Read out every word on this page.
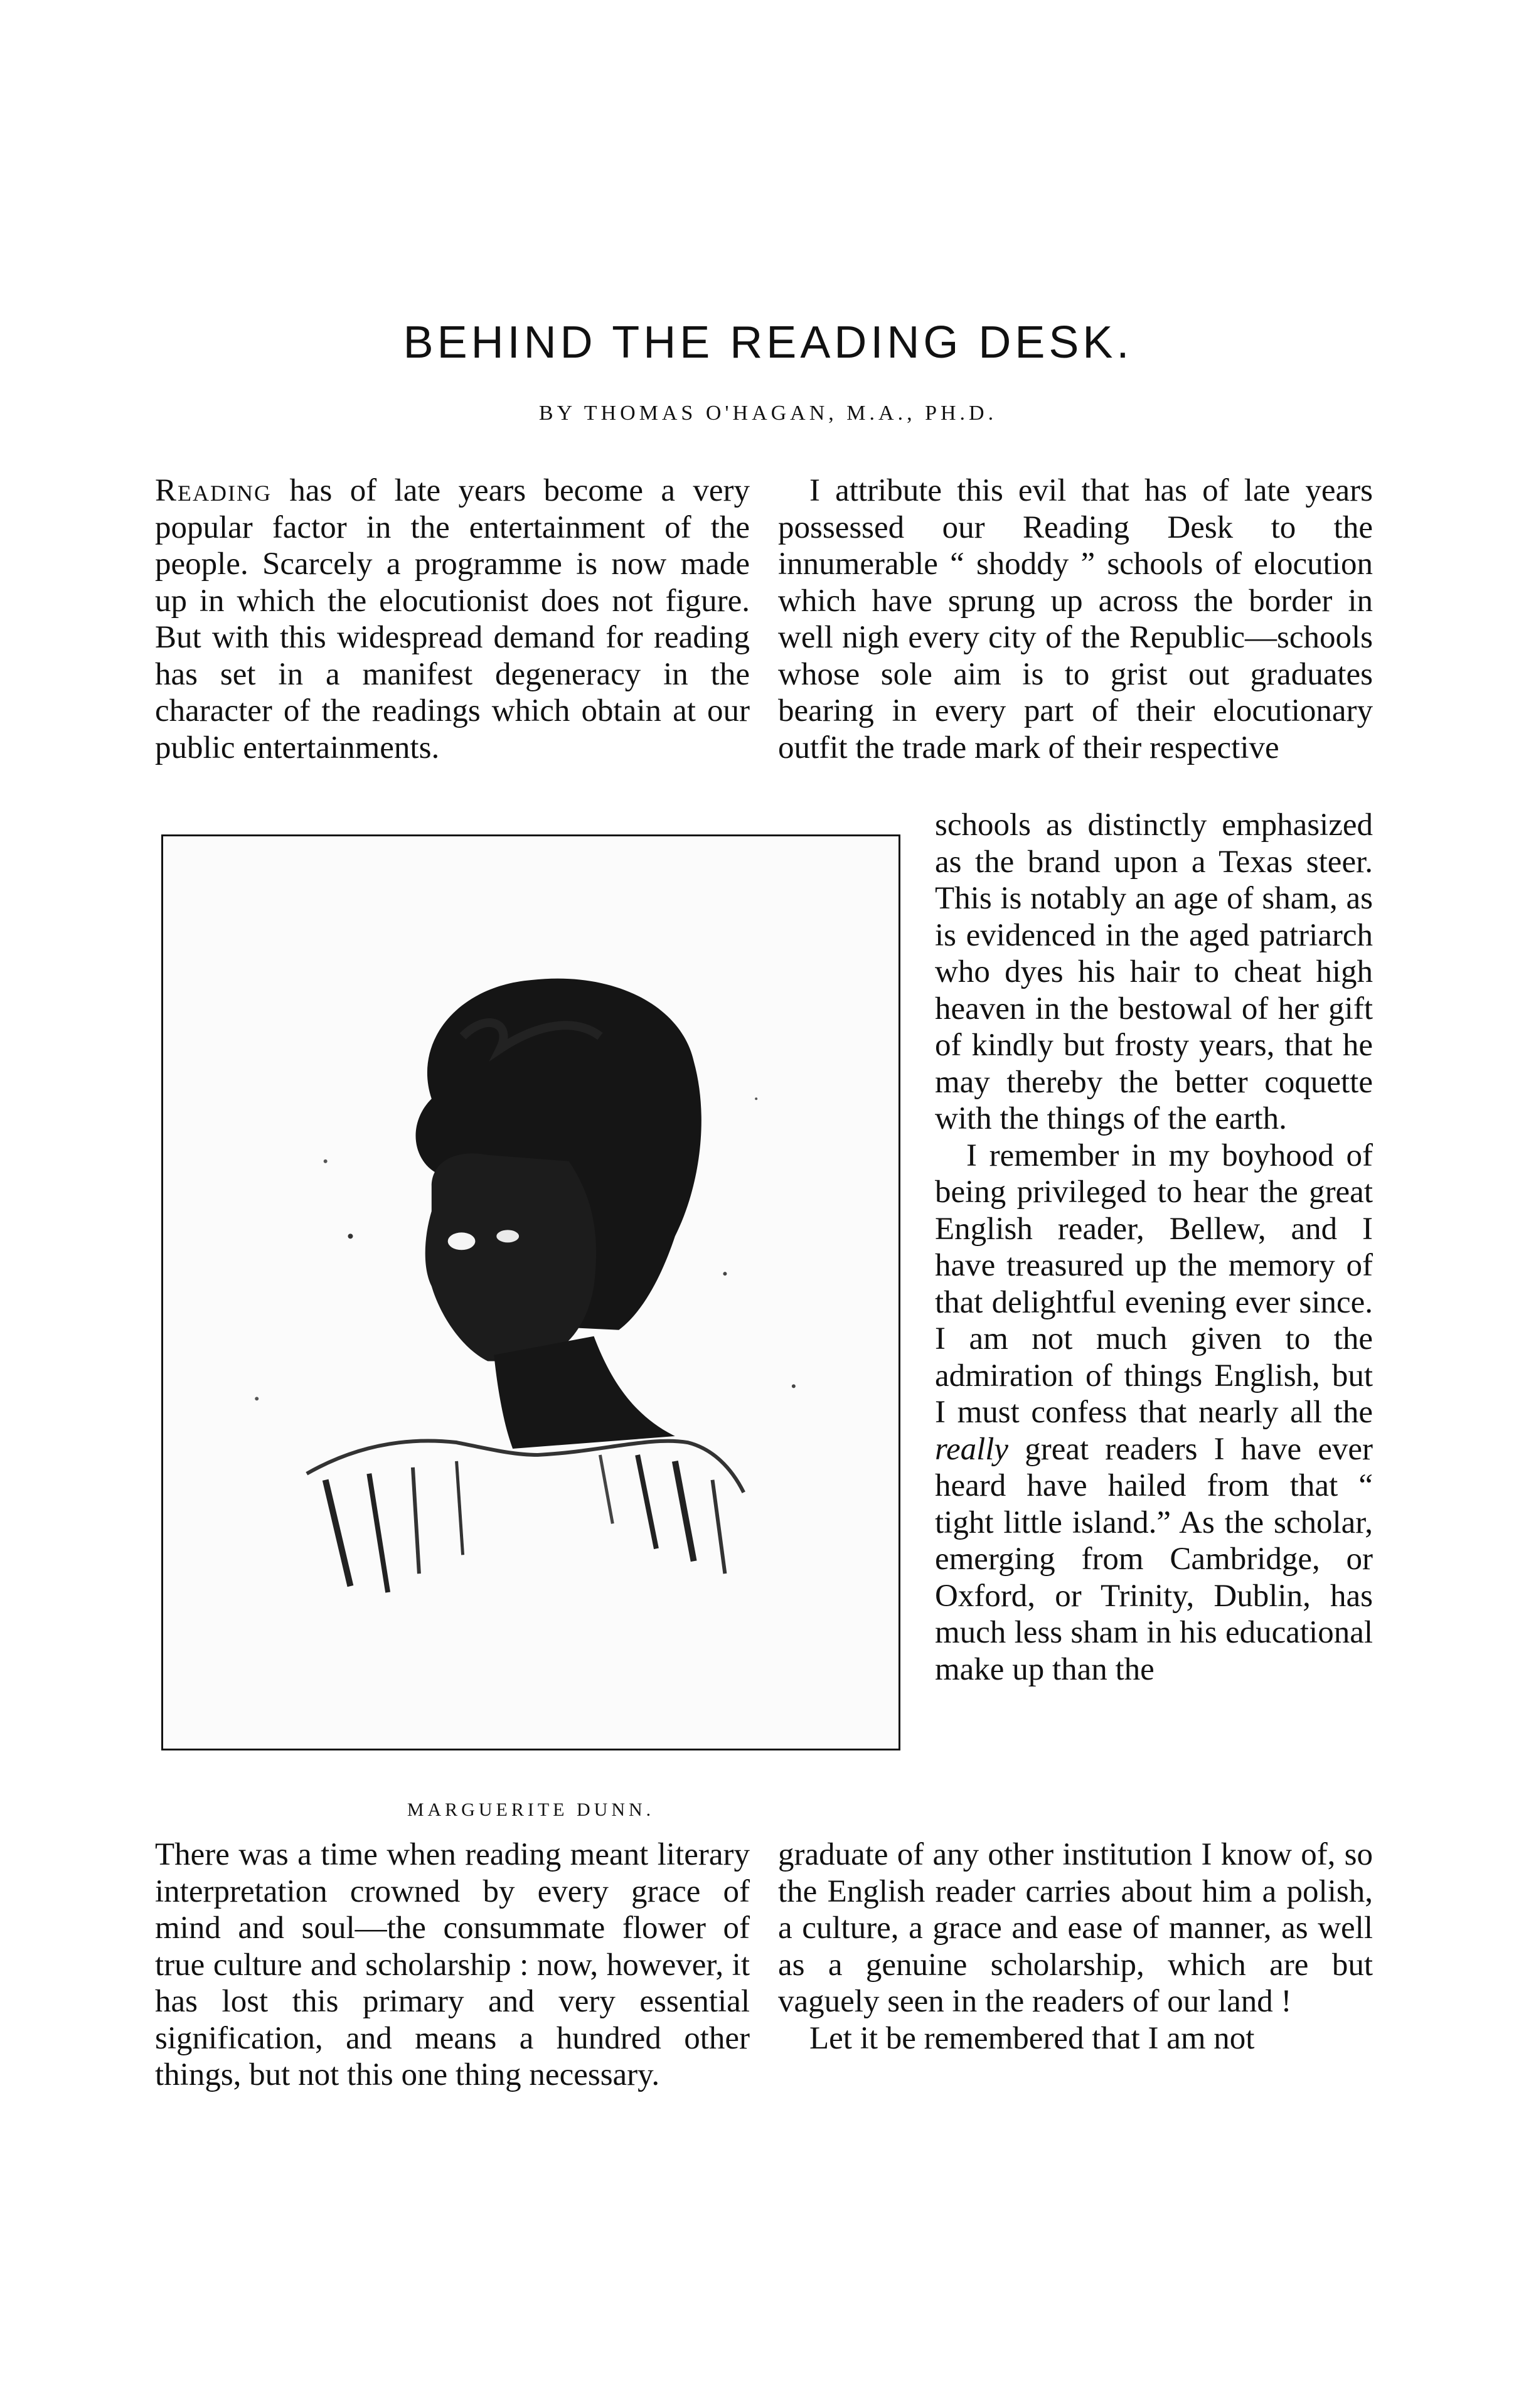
BEHIND THE READING DESK.

BY THOMAS O'HAGAN, M.A., PH.D.

Reading has of late years become a very popular factor in the entertainment of the people. Scarcely a programme is now made up in which the elocutionist does not figure. But with this widespread demand for reading has set in a manifest degeneracy in the character of the readings which obtain at our public entertainments.

I attribute this evil that has of late years possessed our Reading Desk to the innumerable “ shoddy ” schools of elocution which have sprung up across the border in well nigh every city of the Republic—schools whose sole aim is to grist out graduates bearing in every part of their elocutionary outfit the trade mark of their respective

MARGUERITE DUNN.

schools as distinctly emphasized as the brand upon a Texas steer. This is notably an age of sham, as is evidenced in the aged patriarch who dyes his hair to cheat high heaven in the bestowal of her gift of kindly but frosty years, that he may thereby the better coquette with the things of the earth.

I remember in my boyhood of being privileged to hear the great English reader, Bellew, and I have treasured up the memory of that delightful evening ever since. I am not much given to the admiration of things English, but I must confess that nearly all the really great readers I have ever heard have hailed from that “ tight little island.” As the scholar, emerging from Cambridge, or Oxford, or Trinity, Dublin, has much less sham in his educational make up than the

There was a time when reading meant literary interpretation crowned by every grace of mind and soul—the consummate flower of true culture and scholarship : now, however, it has lost this primary and very essential signification, and means a hundred other things, but not this one thing necessary.

graduate of any other institution I know of, so the English reader carries about him a polish, a culture, a grace and ease of manner, as well as a genuine scholarship, which are but vaguely seen in the readers of our land !

Let it be remembered that I am not
